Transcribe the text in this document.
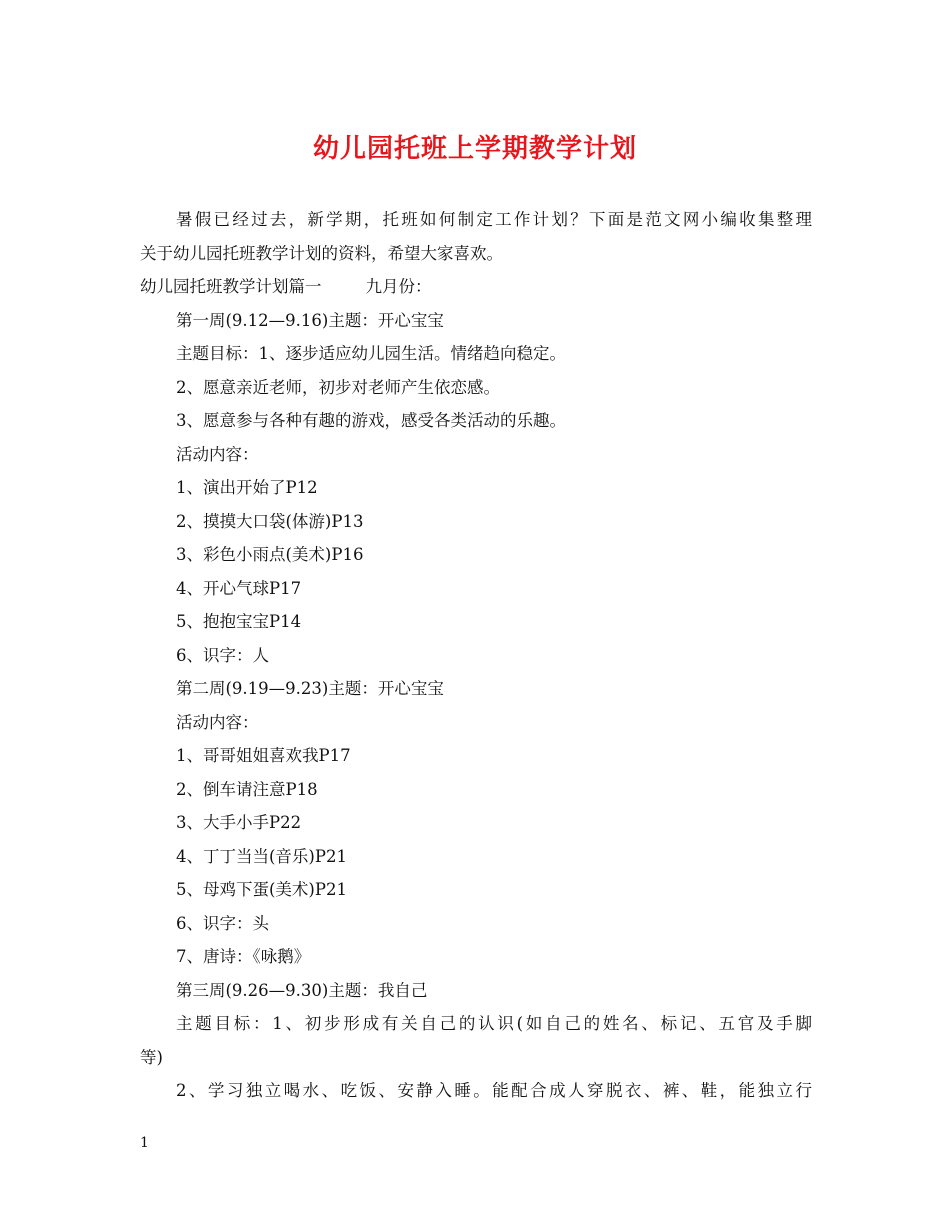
幼儿园托班上学期教学计划
暑假已经过去，新学期，托班如何制定工作计划？下面是范文网小编收集整理
关于幼儿园托班教学计划的资料，希望大家喜欢。
幼儿园托班教学计划篇一	九月份：
第一周(9.12—9.16)主题：开心宝宝
主题目标：1、逐步适应幼儿园生活。情绪趋向稳定。
2、愿意亲近老师，初步对老师产生依恋感。
3、愿意参与各种有趣的游戏，感受各类活动的乐趣。
活动内容：
1、演出开始了P12
2、摸摸大口袋(体游)P13
3、彩色小雨点(美术)P16
4、开心气球P17
5、抱抱宝宝P14
6、识字：人
第二周(9.19—9.23)主题：开心宝宝
活动内容：
1、哥哥姐姐喜欢我P17
2、倒车请注意P18
3、大手小手P22
4、丁丁当当(音乐)P21
5、母鸡下蛋(美术)P21
6、识字：头
7、唐诗：《咏鹅》
第三周(9.26—9.30)主题：我自己
主题目标：1、初步形成有关自己的认识(如自己的姓名、标记、五官及手脚
等)
2、学习独立喝水、吃饭、安静入睡。能配合成人穿脱衣、裤、鞋，能独立行
1
